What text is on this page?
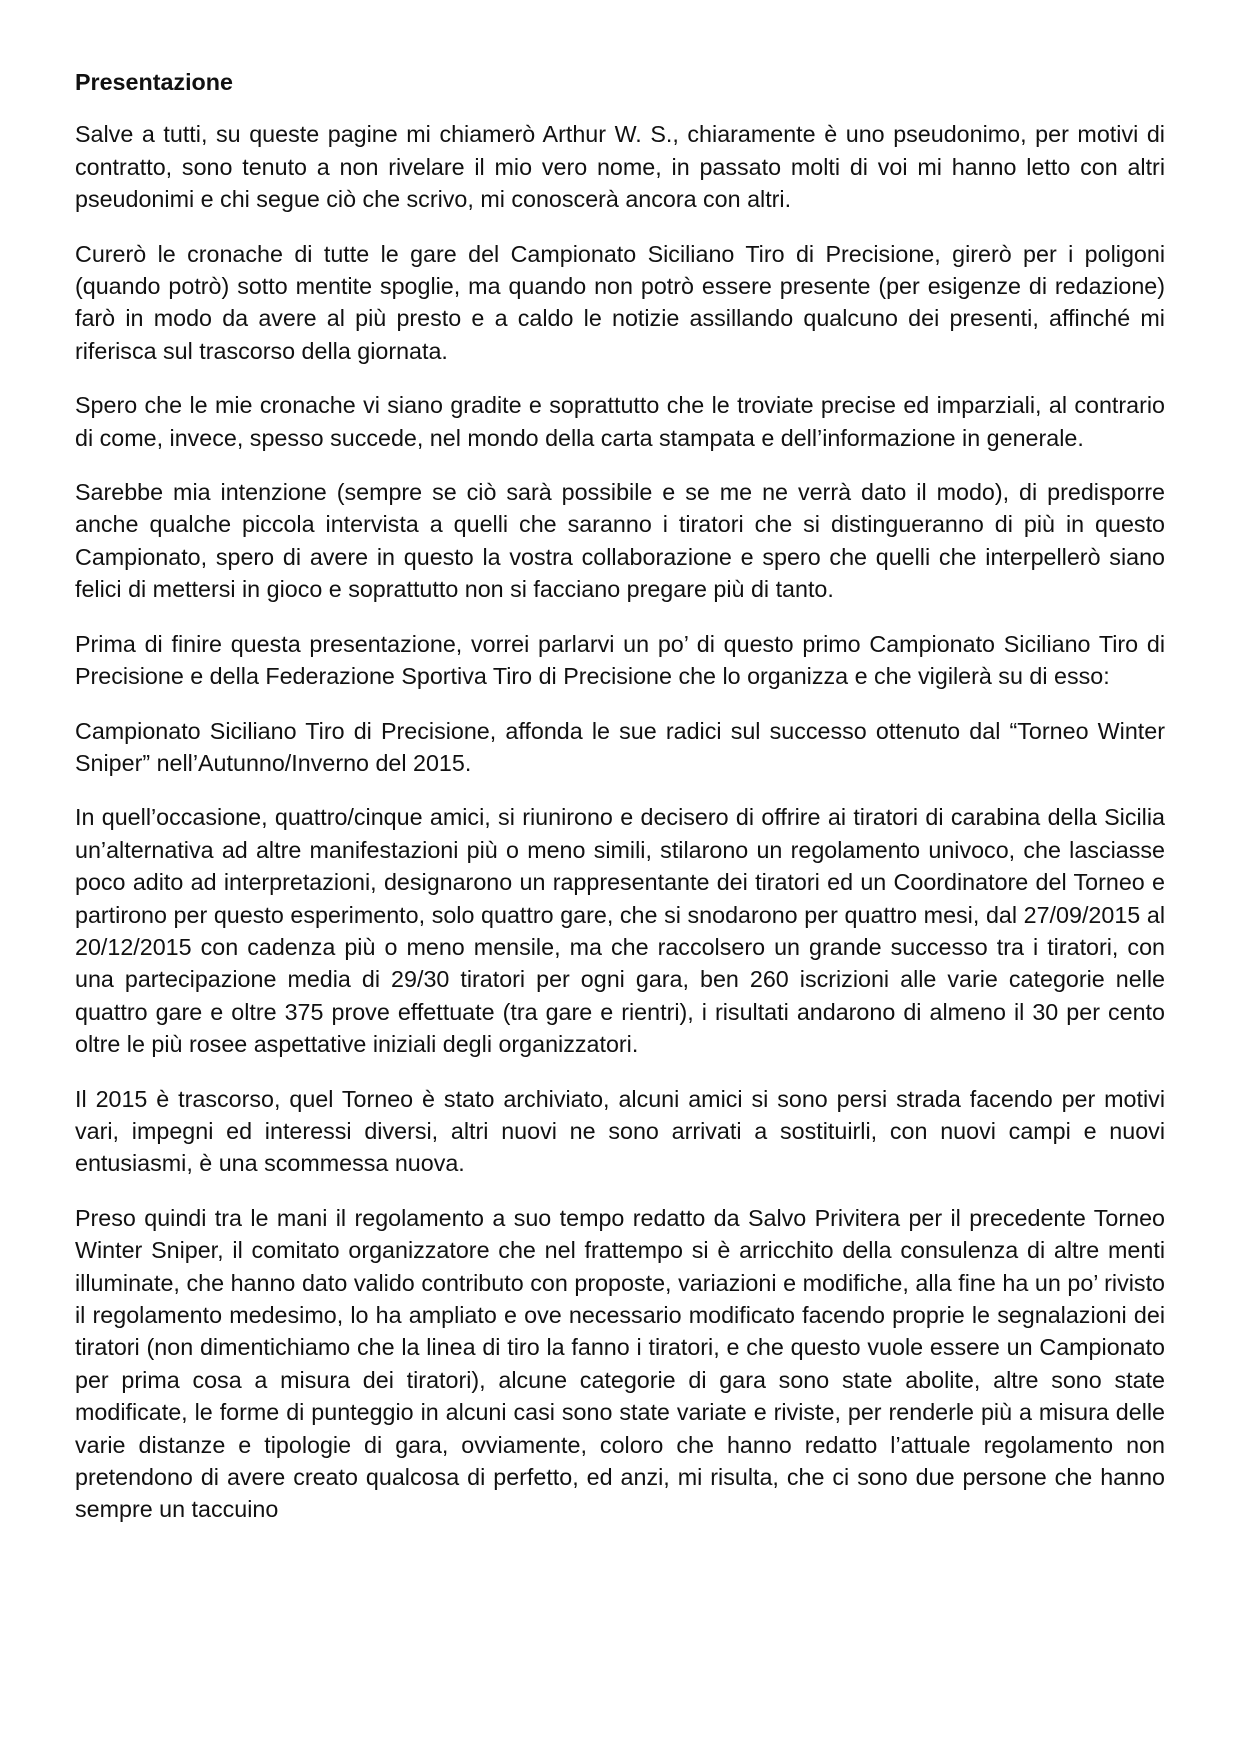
Presentazione

Salve a tutti, su queste pagine mi chiamerò Arthur W. S., chiaramente è uno pseudonimo, per motivi di contratto, sono tenuto a non rivelare il mio vero nome, in passato molti di voi mi hanno letto con altri pseudonimi e chi segue ciò che scrivo, mi conoscerà ancora con altri.

Curerò le cronache di tutte le gare del Campionato Siciliano Tiro di Precisione, girerò per i poligoni (quando potrò) sotto mentite spoglie, ma quando non potrò essere presente (per esigenze di redazione) farò in modo da avere al più presto e a caldo le notizie assillando qualcuno dei presenti, affinché mi riferisca sul trascorso della giornata.

Spero che le mie cronache vi siano gradite e soprattutto che le troviate precise ed imparziali, al contrario di come, invece, spesso succede, nel mondo della carta stampata e dell’informazione in generale.

Sarebbe mia intenzione (sempre se ciò sarà possibile e se me ne verrà dato il modo), di predisporre anche qualche piccola intervista a quelli che saranno i tiratori che si distingueranno di più in questo Campionato, spero di avere in questo la vostra collaborazione e spero che quelli che interpellerò siano felici di mettersi in gioco e soprattutto non si facciano pregare più di tanto.

Prima di finire questa presentazione, vorrei parlarvi un po’ di questo primo Campionato Siciliano Tiro di Precisione e della Federazione Sportiva Tiro di Precisione che lo organizza e che vigilerà su di esso:

Campionato Siciliano Tiro di Precisione, affonda le sue radici sul successo ottenuto dal “Torneo Winter Sniper” nell’Autunno/Inverno del 2015.

In quell’occasione, quattro/cinque amici, si riunirono e decisero di offrire ai tiratori di carabina della Sicilia un’alternativa ad altre manifestazioni più o meno simili, stilarono un regolamento univoco, che lasciasse poco adito ad interpretazioni, designarono un rappresentante dei tiratori ed un Coordinatore del Torneo e partirono per questo esperimento, solo quattro gare, che si snodarono per quattro mesi, dal 27/09/2015 al 20/12/2015 con cadenza più o meno mensile, ma che raccolsero un grande successo tra i tiratori, con una partecipazione media di 29/30 tiratori per ogni gara, ben 260 iscrizioni alle varie categorie nelle quattro gare e oltre 375 prove effettuate (tra gare e rientri), i risultati andarono di almeno il 30 per cento oltre le più rosee aspettative iniziali degli organizzatori.

Il 2015 è trascorso, quel Torneo è stato archiviato, alcuni amici si sono persi strada facendo per motivi vari, impegni ed interessi diversi, altri nuovi ne sono arrivati a sostituirli, con nuovi campi e nuovi entusiasmi, è una scommessa nuova.

Preso quindi tra le mani il regolamento a suo tempo redatto da Salvo Privitera per il precedente Torneo Winter Sniper, il comitato organizzatore che nel frattempo si è arricchito della consulenza di altre menti illuminate, che hanno dato valido contributo con proposte, variazioni e modifiche, alla fine ha un po’ rivisto il regolamento medesimo, lo ha ampliato e ove necessario modificato facendo proprie le segnalazioni dei tiratori (non dimentichiamo che la linea di tiro la fanno i tiratori, e che questo vuole essere un Campionato per prima cosa a misura dei tiratori), alcune categorie di gara sono state abolite, altre sono state modificate, le forme di punteggio in alcuni casi sono state variate e riviste, per renderle più a misura delle varie distanze e tipologie di gara, ovviamente, coloro che hanno redatto l’attuale regolamento non pretendono di avere creato qualcosa di perfetto, ed anzi, mi risulta, che ci sono due persone che hanno sempre un taccuino
